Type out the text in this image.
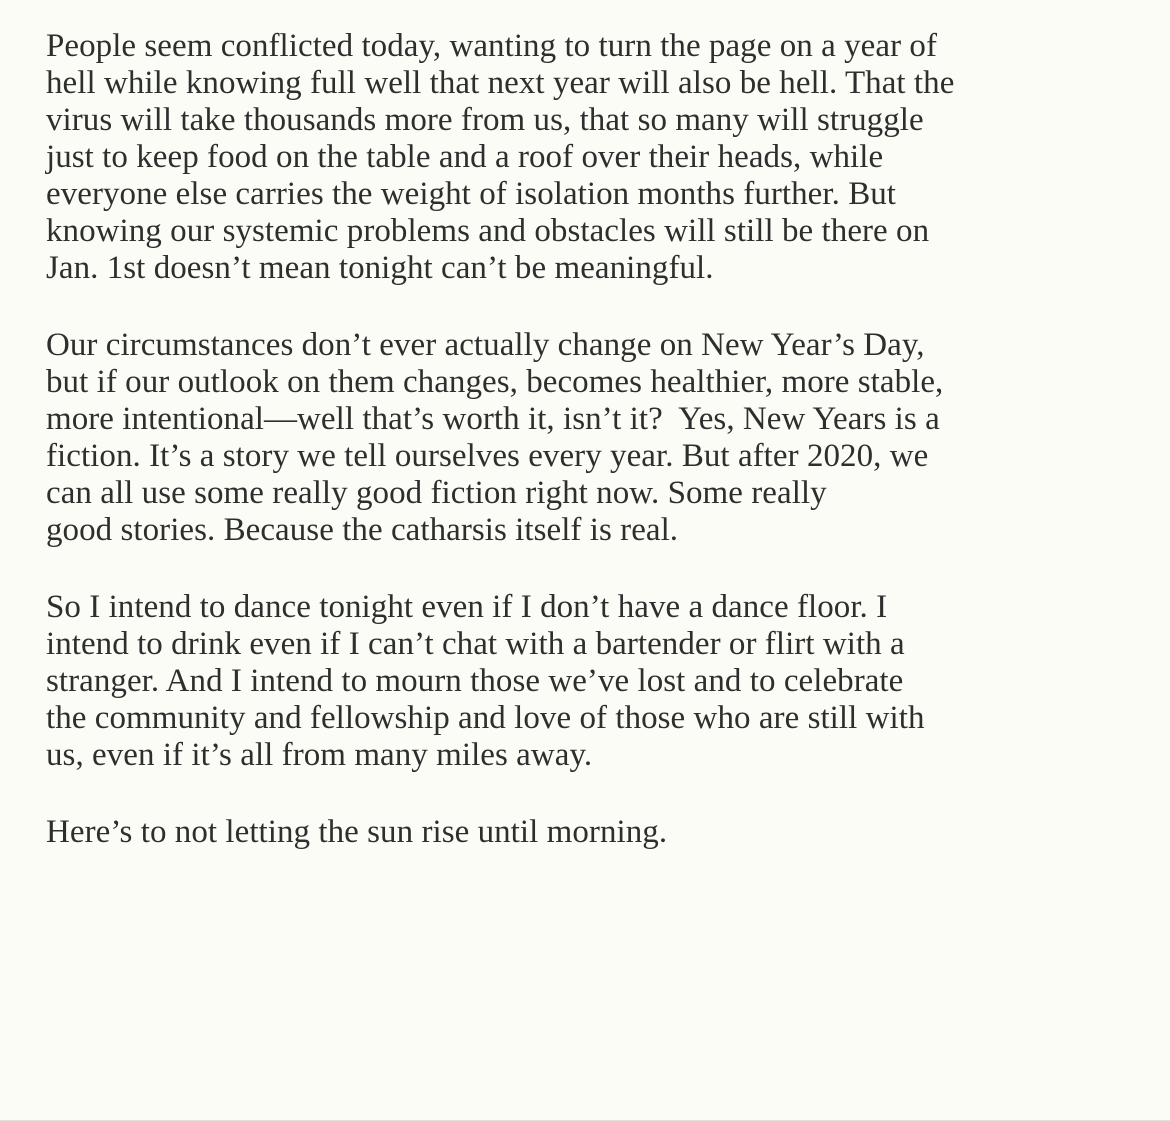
People seem conflicted today, wanting to turn the page on a year of
hell while knowing full well that next year will also be hell. That the
virus will take thousands more from us, that so many will struggle
just to keep food on the table and a roof over their heads, while
everyone else carries the weight of isolation months further. But
knowing our systemic problems and obstacles will still be there on
Jan. 1st doesn’t mean tonight can’t be meaningful.

Our circumstances don’t ever actually change on New Year’s Day,
but if our outlook on them changes, becomes healthier, more stable,
more intentional—well that’s worth it, isn’t it?  Yes, New Years is a
fiction. It’s a story we tell ourselves every year. But after 2020, we
can all use some really good fiction right now. Some really
good stories. Because the catharsis itself is real.

So I intend to dance tonight even if I don’t have a dance floor. I
intend to drink even if I can’t chat with a bartender or flirt with a
stranger. And I intend to mourn those we’ve lost and to celebrate
the community and fellowship and love of those who are still with
us, even if it’s all from many miles away.

Here’s to not letting the sun rise until morning.
